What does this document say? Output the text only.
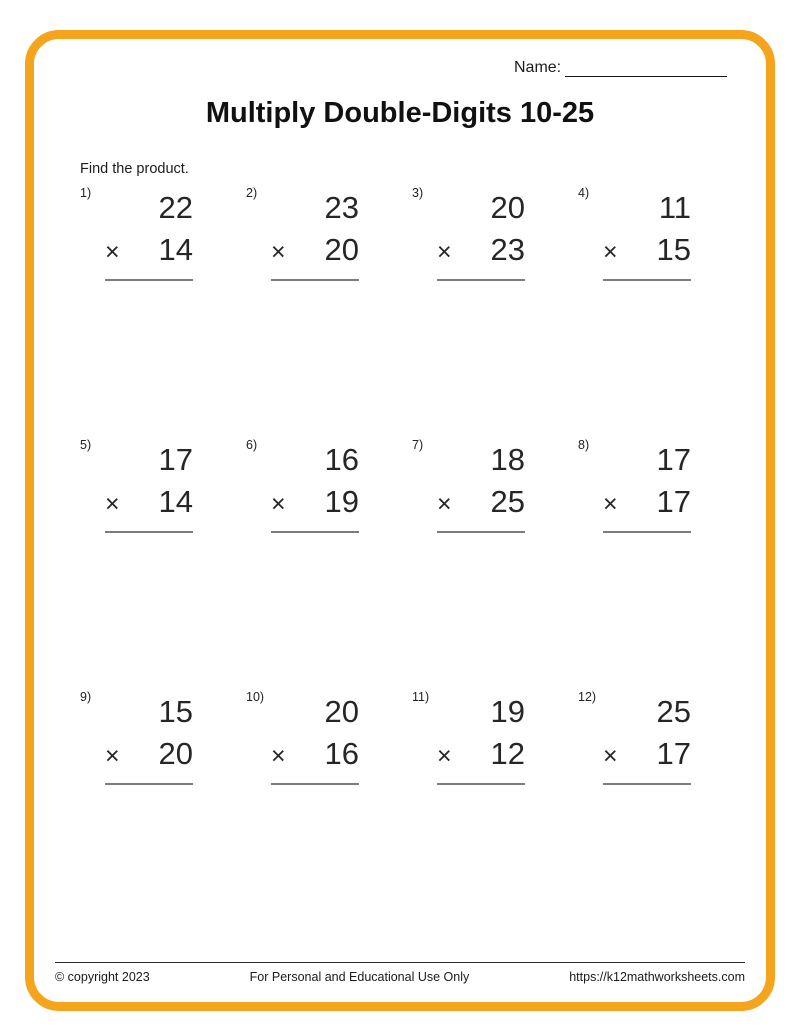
Name:
Multiply Double-Digits 10-25
Find the product.
1)	22
× 14
2)	23
× 20
3)	20
× 23
4)	11
× 15
5)	17
× 14
6)	16
× 19
7)	18
× 25
8)	17
× 17
9)	15
× 20
10)	20
× 16
11)	19
× 12
12)	25
× 17
© copyright 2023	For Personal and Educational Use Only	https://k12mathworksheets.com
